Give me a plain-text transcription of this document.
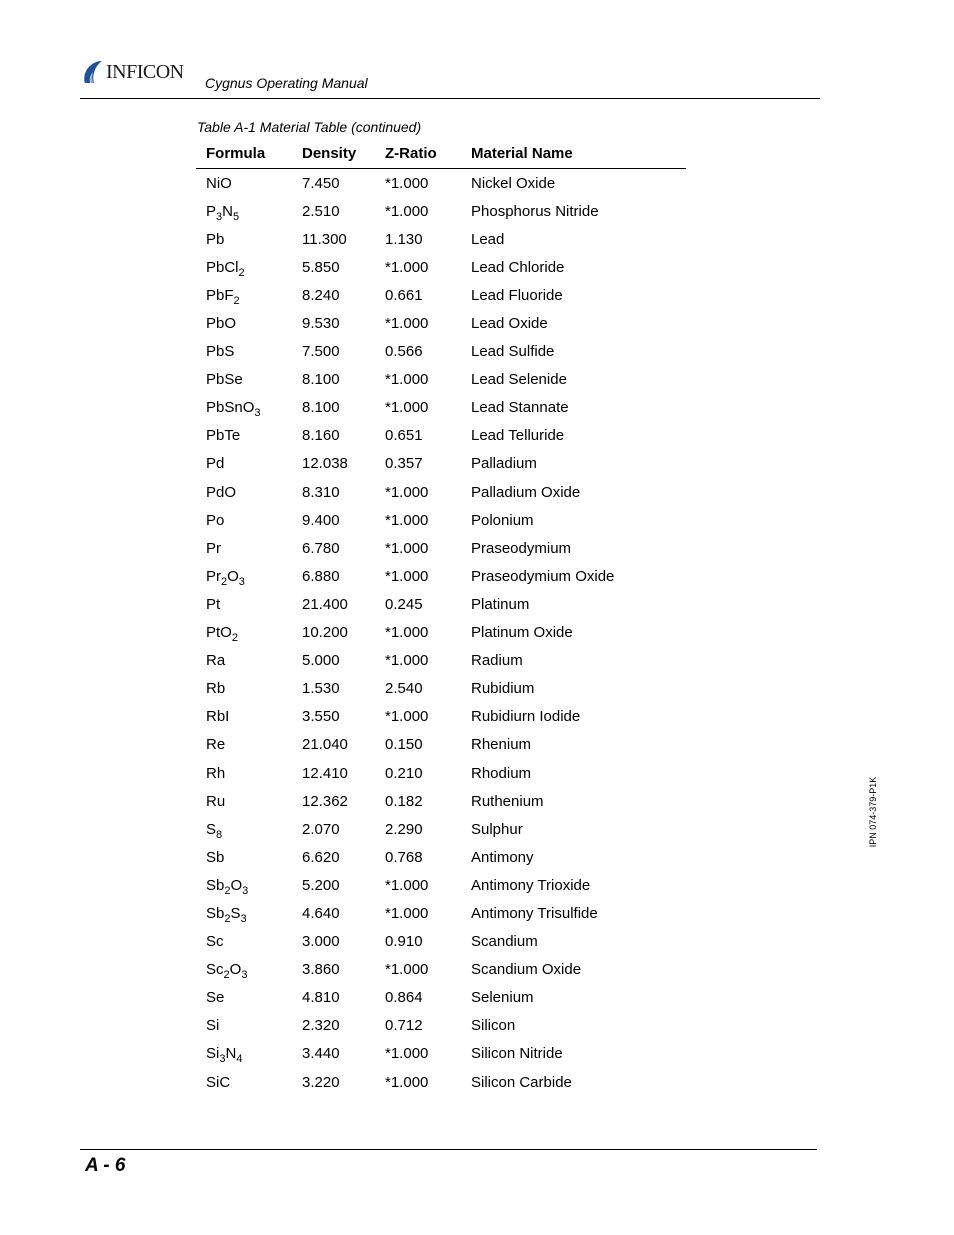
INFICON
Cygnus Operating Manual
Table A-1 Material Table (continued)
Formula	Density	Z-Ratio	Material Name
NiO	7.450	*1.000	Nickel Oxide
$P_3N_5$	2.510	*1.000	Phosphorus Nitride
Pb	11.300	1.130	Lead
PbCl$_2$	5.850	*1.000	Lead Chloride
PbF$_2$	8.240	0.661	Lead Fluoride
PbO	9.530	*1.000	Lead Oxide
PbS	7.500	0.566	Lead Sulfide
PbSe	8.100	*1.000	Lead Selenide
PbSnO$_3$	8.100	*1.000	Lead Stannate
PbTe	8.160	0.651	Lead Telluride
Pd	12.038	0.357	Palladium
PdO	8.310	*1.000	Palladium Oxide
Po	9.400	*1.000	Polonium
Pr	6.780	*1.000	Praseodymium
$Pr_2O_3$	6.880	*1.000	Praseodymium Oxide
Pt	21.400	0.245	Platinum
PtO$_2$	10.200	*1.000	Platinum Oxide
Ra	5.000	*1.000	Radium
Rb	1.530	2.540	Rubidium
RbI	3.550	*1.000	Rubidiurn Iodide
Re	21.040	0.150	Rhenium
Rh	12.410	0.210	Rhodium
Ru	12.362	0.182	Ruthenium
$S_8$	2.070	2.290	Sulphur
Sb	6.620	0.768	Antimony
$Sb_2O_3$	5.200	*1.000	Antimony Trioxide
$Sb_2S_3$	4.640	*1.000	Antimony Trisulfide
Sc	3.000	0.910	Scandium
$Sc_2O_3$	3.860	*1.000	Scandium Oxide
Se	4.810	0.864	Selenium
Si	2.320	0.712	Silicon
$Si_3N_4$	3.440	*1.000	Silicon Nitride
SiC	3.220	*1.000	Silicon Carbide
IPN 074-379-P1K
A - 6
